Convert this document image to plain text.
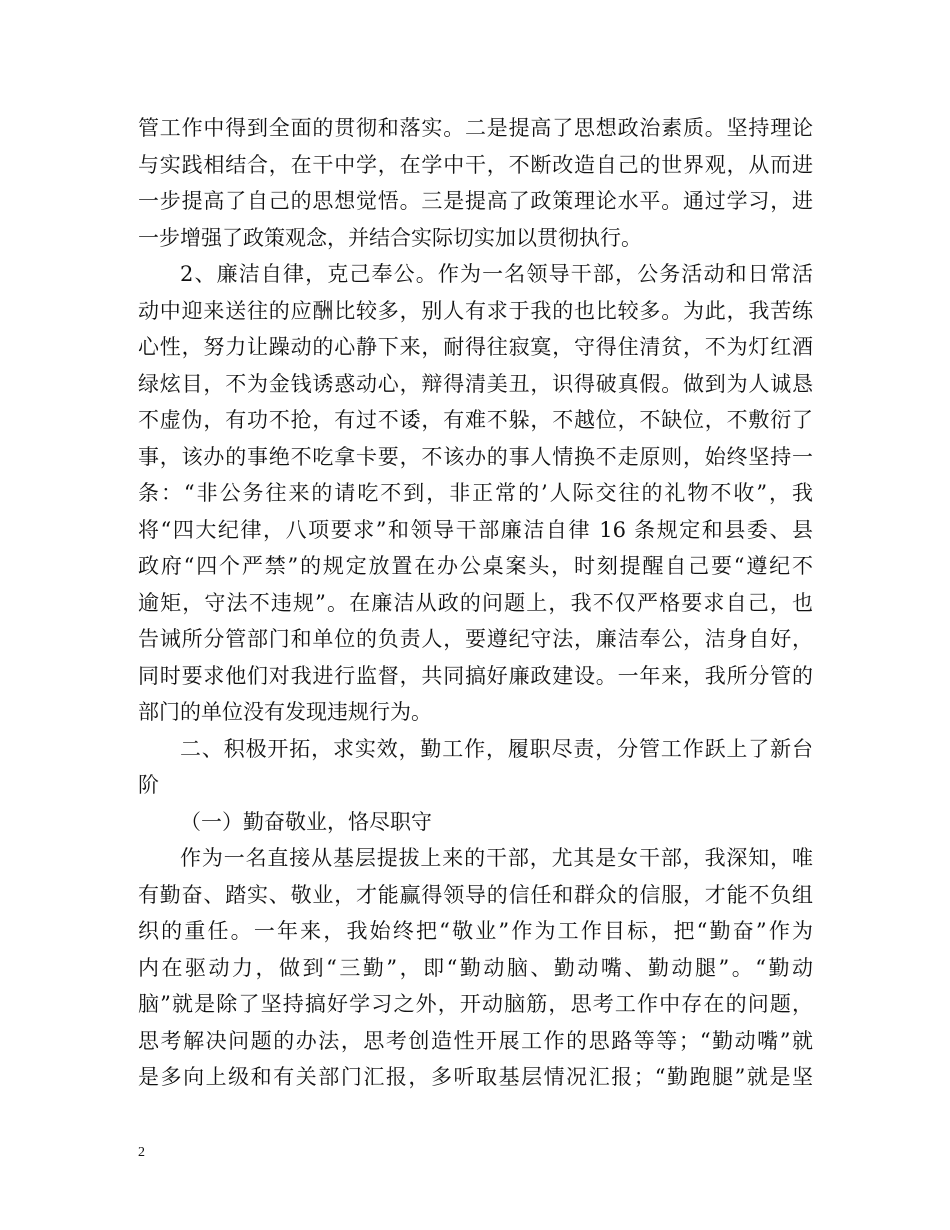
管工作中得到全面的贯彻和落实。二是提高了思想政治素质。坚持理论
与实践相结合，在干中学，在学中干，不断改造自己的世界观，从而进
一步提高了自己的思想觉悟。三是提高了政策理论水平。通过学习，进
一步增强了政策观念，并结合实际切实加以贯彻执行。
2、廉洁自律，克己奉公。作为一名领导干部，公务活动和日常活
动中迎来送往的应酬比较多，别人有求于我的也比较多。为此，我苦练
心性，努力让躁动的心静下来，耐得往寂寞，守得住清贫，不为灯红酒
绿炫目，不为金钱诱惑动心，辩得清美丑，识得破真假。做到为人诚恳
不虚伪，有功不抢，有过不诿，有难不躲，不越位，不缺位，不敷衍了
事，该办的事绝不吃拿卡要，不该办的事人情换不走原则，始终坚持一
条：“非公务往来的请吃不到，非正常的’人际交往的礼物不收”，我
将“四大纪律，八项要求”和领导干部廉洁自律 16 条规定和县委、县
政府“四个严禁”的规定放置在办公桌案头，时刻提醒自己要“遵纪不
逾矩，守法不违规”。在廉洁从政的问题上，我不仅严格要求自己，也
告诫所分管部门和单位的负责人，要遵纪守法，廉洁奉公，洁身自好，
同时要求他们对我进行监督，共同搞好廉政建设。一年来，我所分管的
部门的单位没有发现违规行为。
二、积极开拓，求实效，勤工作，履职尽责，分管工作跃上了新台
阶
（一）勤奋敬业，恪尽职守
作为一名直接从基层提拔上来的干部，尤其是女干部，我深知，唯
有勤奋、踏实、敬业，才能赢得领导的信任和群众的信服，才能不负组
织的重任。一年来，我始终把“敬业”作为工作目标，把“勤奋”作为
内在驱动力，做到“三勤”，即“勤动脑、勤动嘴、勤动腿”。“勤动
脑”就是除了坚持搞好学习之外，开动脑筋，思考工作中存在的问题，
思考解决问题的办法，思考创造性开展工作的思路等等；“勤动嘴”就
是多向上级和有关部门汇报，多听取基层情况汇报；“勤跑腿”就是坚
2
